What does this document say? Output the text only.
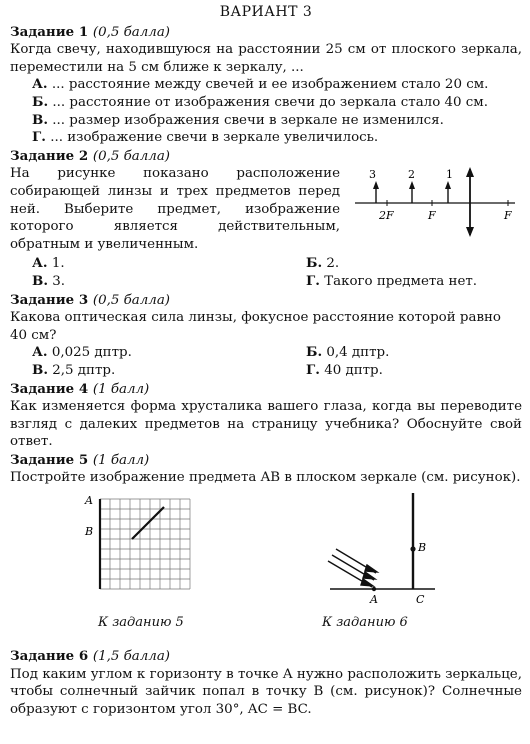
ВАРИАНТ 3
Задание 1 (0,5 балла)
Когда свечу, находившуюся на расстоянии 25 см от плоского зеркала, переместили на 5 см ближе к зеркалу, ...
А. ... расстояние между свечей и ее изображением стало 20 см.
Б. ... расстояние от изображения свечи до зеркала стало 40 см.
В. ... размер изображения свечи в зеркале не изменился.
Г. ... изображение свечи в зеркале увеличилось.
Задание 2 (0,5 балла)
На рисунке показано расположение собирающей линзы и трех предметов перед ней. Выберите предмет, изображение которого является действительным, обратным и увеличенным.
3	2	1
2F	F	F
А. 1.	Б. 2.
В. 3.	Г. Такого предмета нет.
Задание 3 (0,5 балла)
Какова оптическая сила линзы, фокусное расстояние которой равно 40 см?
А. 0,025 дптр.	Б. 0,4 дптр.
В. 2,5 дптр.	Г. 40 дптр.
Задание 4 (1 балл)
Как изменяется форма хрусталика вашего глаза, когда вы переводите взгляд с далеких предметов на страницу учебника? Обоснуйте свой ответ.
Задание 5 (1 балл)
Постройте изображение предмета AB в плоском зеркале (см. рисунок).
A
B
A	C
B
К заданию 5	К заданию 6
Задание 6 (1,5 балла)
Под каким углом к горизонту в точке A нужно расположить зеркальце, чтобы солнечный зайчик попал в точку B (см. рисунок)? Солнечные образуют с горизонтом угол 30°, AC = BC.
